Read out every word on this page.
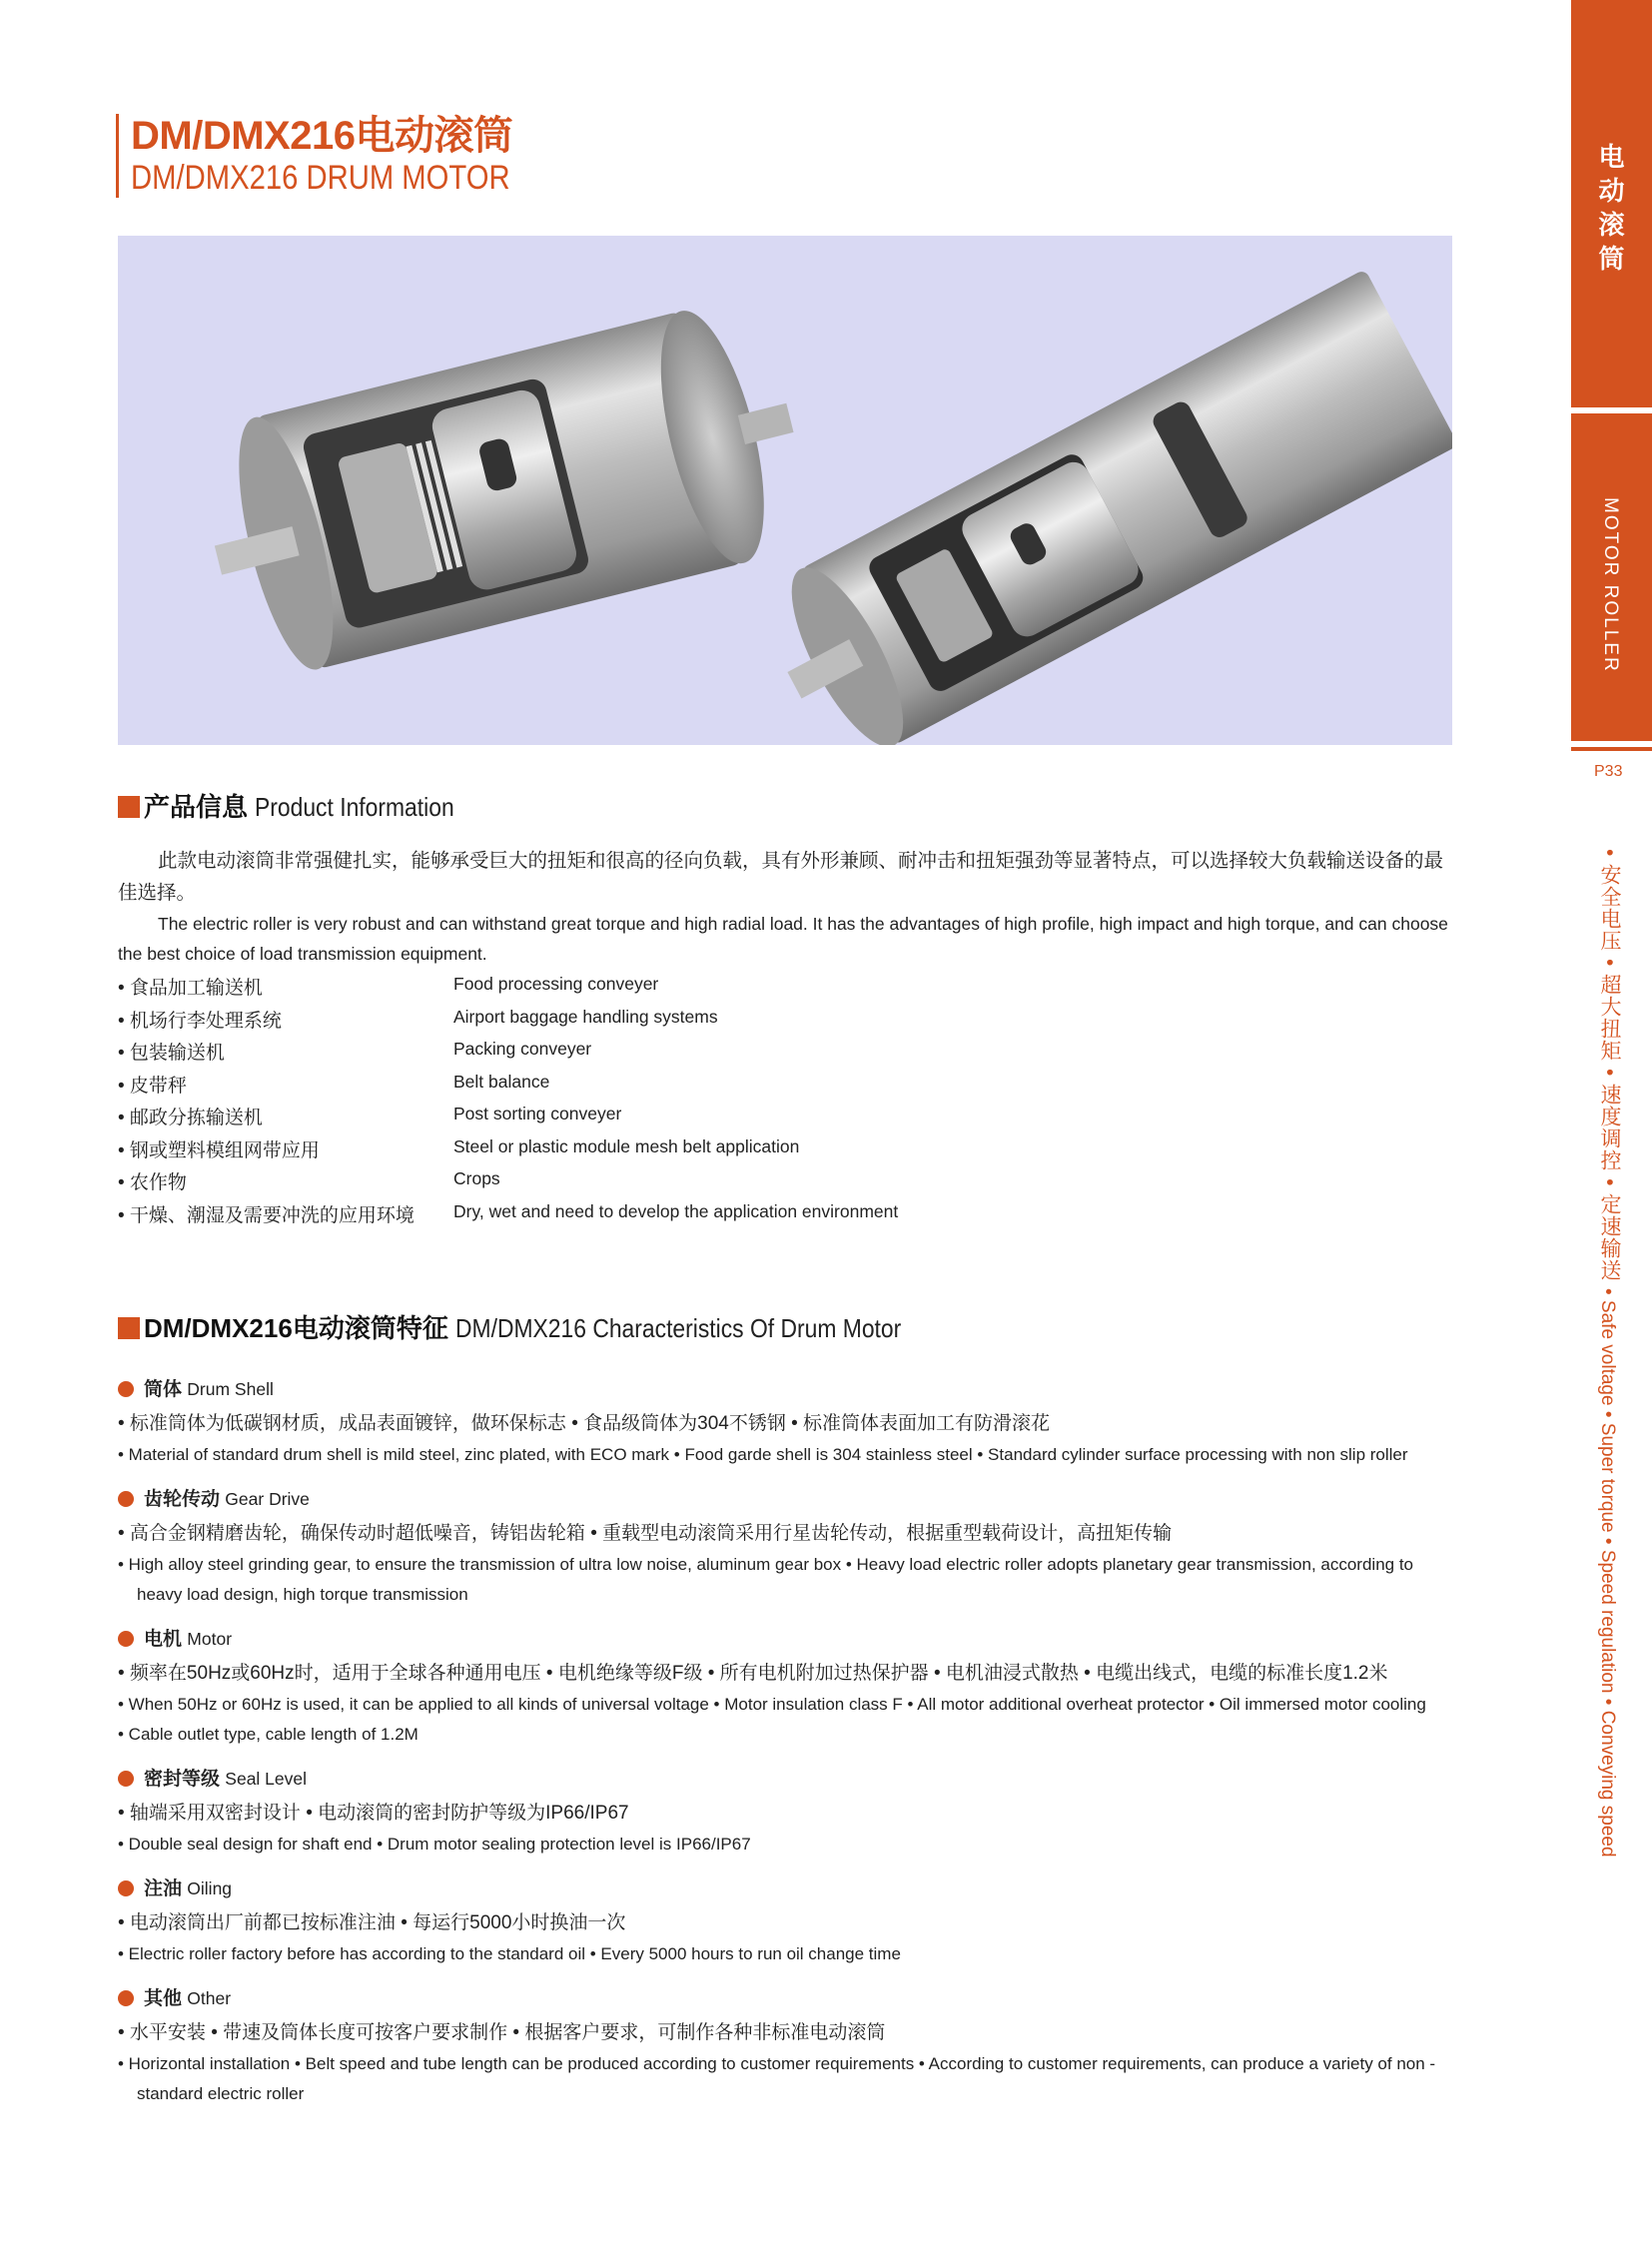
DM/DMX216电动滚筒
DM/DMX216 DRUM MOTOR
电动滚筒
MOTOR ROLLER
P33
• 安全电压 • 超大扭矩 • 速度调控 • 定速输送
• Safe voltage • Super torque • Speed regulation • Conveying speed
产品信息 Product Information
此款电动滚筒非常强健扎实，能够承受巨大的扭矩和很高的径向负载，具有外形兼顾、耐冲击和扭矩强劲等显著特点，可以选择较大负载输送设备的最佳选择。
The electric roller is very robust and can withstand great torque and high radial load. It has the advantages of high profile, high impact and high torque, and can choose the best choice of load transmission equipment.
• 食品加工输送机	Food processing conveyer
• 机场行李处理系统	Airport baggage handling systems
• 包装输送机	Packing conveyer
• 皮带秤	Belt balance
• 邮政分拣输送机	Post sorting conveyer
• 钢或塑料模组网带应用	Steel or plastic module mesh belt application
• 农作物	Crops
• 干燥、潮湿及需要冲洗的应用环境 Dry, wet and need to develop the application environment
DM/DMX216电动滚筒特征 DM/DMX216 Characteristics Of Drum Motor
筒体 Drum Shell
• 标准筒体为低碳钢材质，成品表面镀锌，做环保标志 • 食品级筒体为304不锈钢 • 标准筒体表面加工有防滑滚花
• Material of standard drum shell is mild steel, zinc plated, with ECO mark • Food garde shell is 304 stainless steel • Standard cylinder surface processing with non slip roller
齿轮传动 Gear Drive
• 高合金钢精磨齿轮，确保传动时超低噪音，铸铝齿轮箱 • 重载型电动滚筒采用行星齿轮传动，根据重型载荷设计，高扭矩传输
• High alloy steel grinding gear, to ensure the transmission of ultra low noise, aluminum gear box • Heavy load electric roller adopts planetary gear transmission, according to heavy load design, high torque transmission
电机 Motor
• 频率在50Hz或60Hz时，适用于全球各种通用电压 • 电机绝缘等级F级 • 所有电机附加过热保护器 • 电机油浸式散热 • 电缆出线式，电缆的标准长度1.2米
• When 50Hz or 60Hz is used, it can be applied to all kinds of universal voltage • Motor insulation class F • All motor additional overheat protector • Oil immersed motor cooling
• Cable outlet type, cable length of 1.2M
密封等级 Seal Level
• 轴端采用双密封设计 • 电动滚筒的密封防护等级为IP66/IP67
• Double seal design for shaft end • Drum motor sealing protection level is IP66/IP67
注油 Oiling
• 电动滚筒出厂前都已按标准注油 • 每运行5000小时换油一次
• Electric roller factory before has according to the standard oil • Every 5000 hours to run oil change time
其他 Other
• 水平安装 • 带速及筒体长度可按客户要求制作 • 根据客户要求，可制作各种非标准电动滚筒
• Horizontal installation • Belt speed and tube length can be produced according to customer requirements • According to customer requirements, can produce a variety of non - standard electric roller
